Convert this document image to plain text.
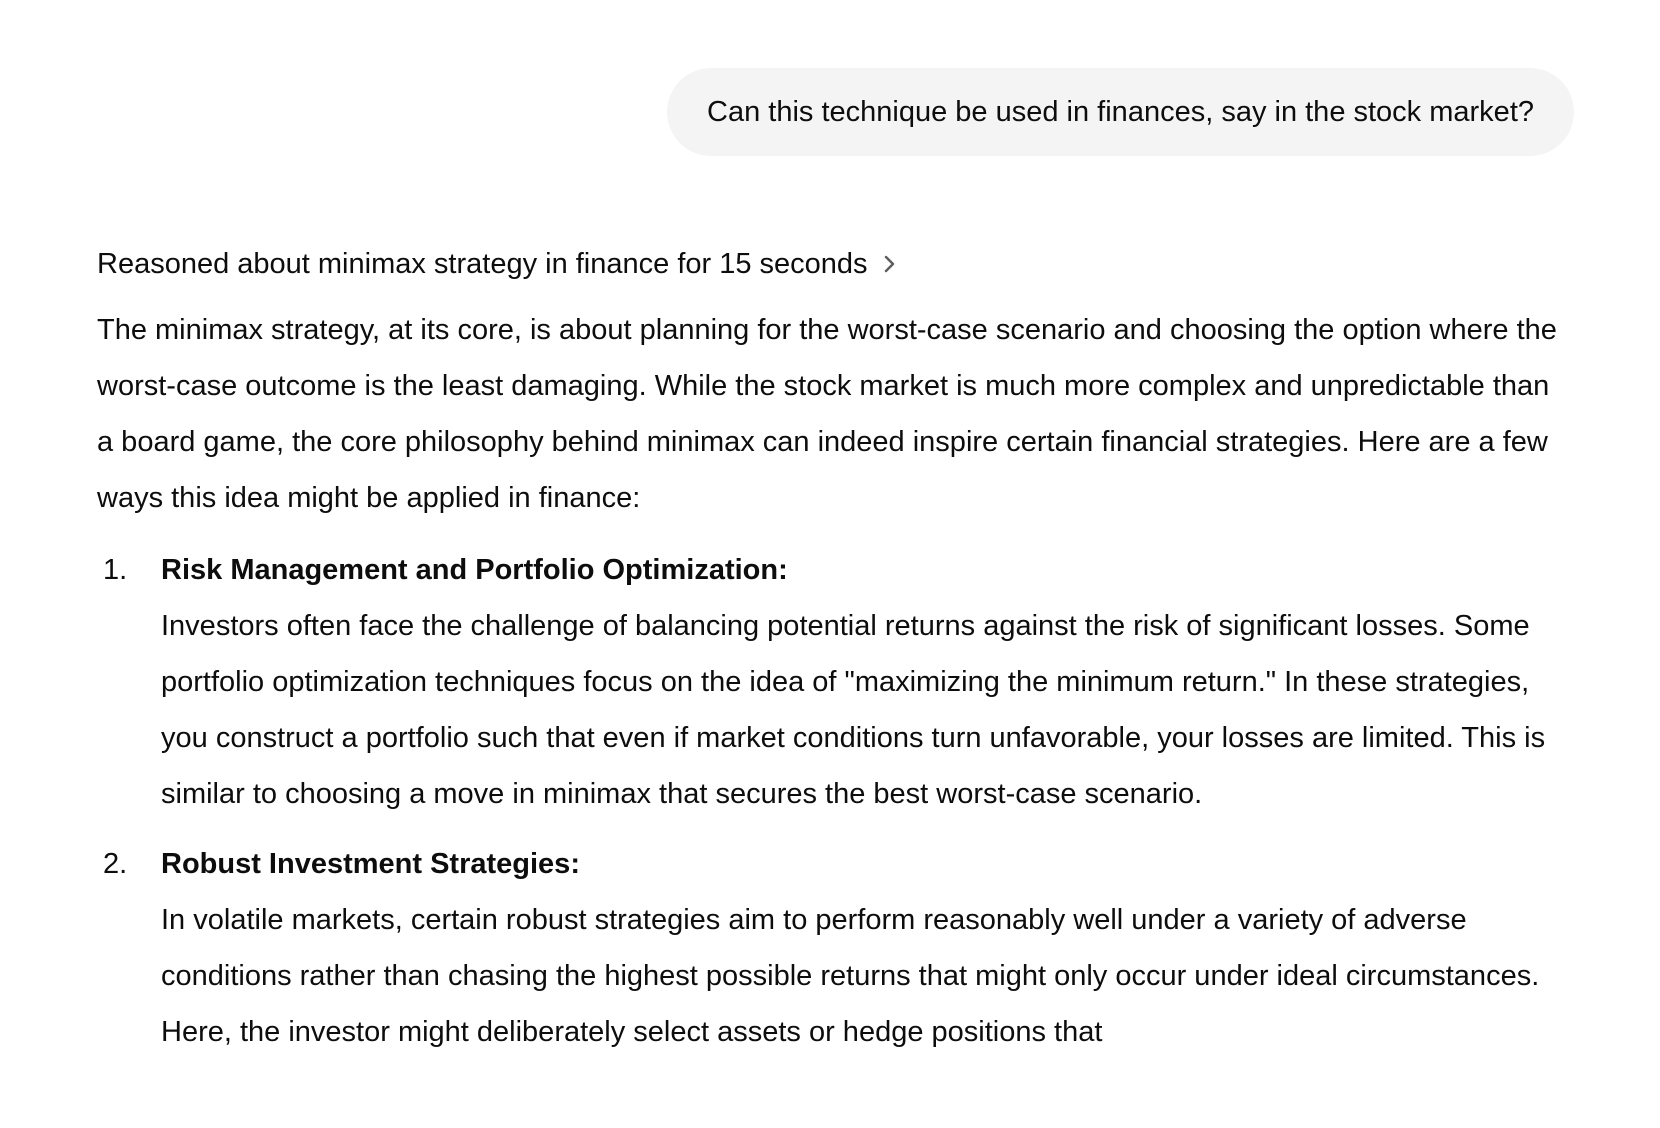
Can this technique be used in finances, say in the stock market?
Reasoned about minimax strategy in finance for 15 seconds

The minimax strategy, at its core, is about planning for the worst-case scenario and choosing the option where the worst-case outcome is the least damaging. While the stock market is much more complex and unpredictable than a board game, the core philosophy behind minimax can indeed inspire certain financial strategies. Here are a few ways this idea might be applied in finance:

1. Risk Management and Portfolio Optimization:
Investors often face the challenge of balancing potential returns against the risk of significant losses. Some portfolio optimization techniques focus on the idea of "maximizing the minimum return." In these strategies, you construct a portfolio such that even if market conditions turn unfavorable, your losses are limited. This is similar to choosing a move in minimax that secures the best worst-case scenario.
2. Robust Investment Strategies:
In volatile markets, certain robust strategies aim to perform reasonably well under a variety of adverse conditions rather than chasing the highest possible returns that might only occur under ideal circumstances. Here, the investor might deliberately select assets or hedge positions that
